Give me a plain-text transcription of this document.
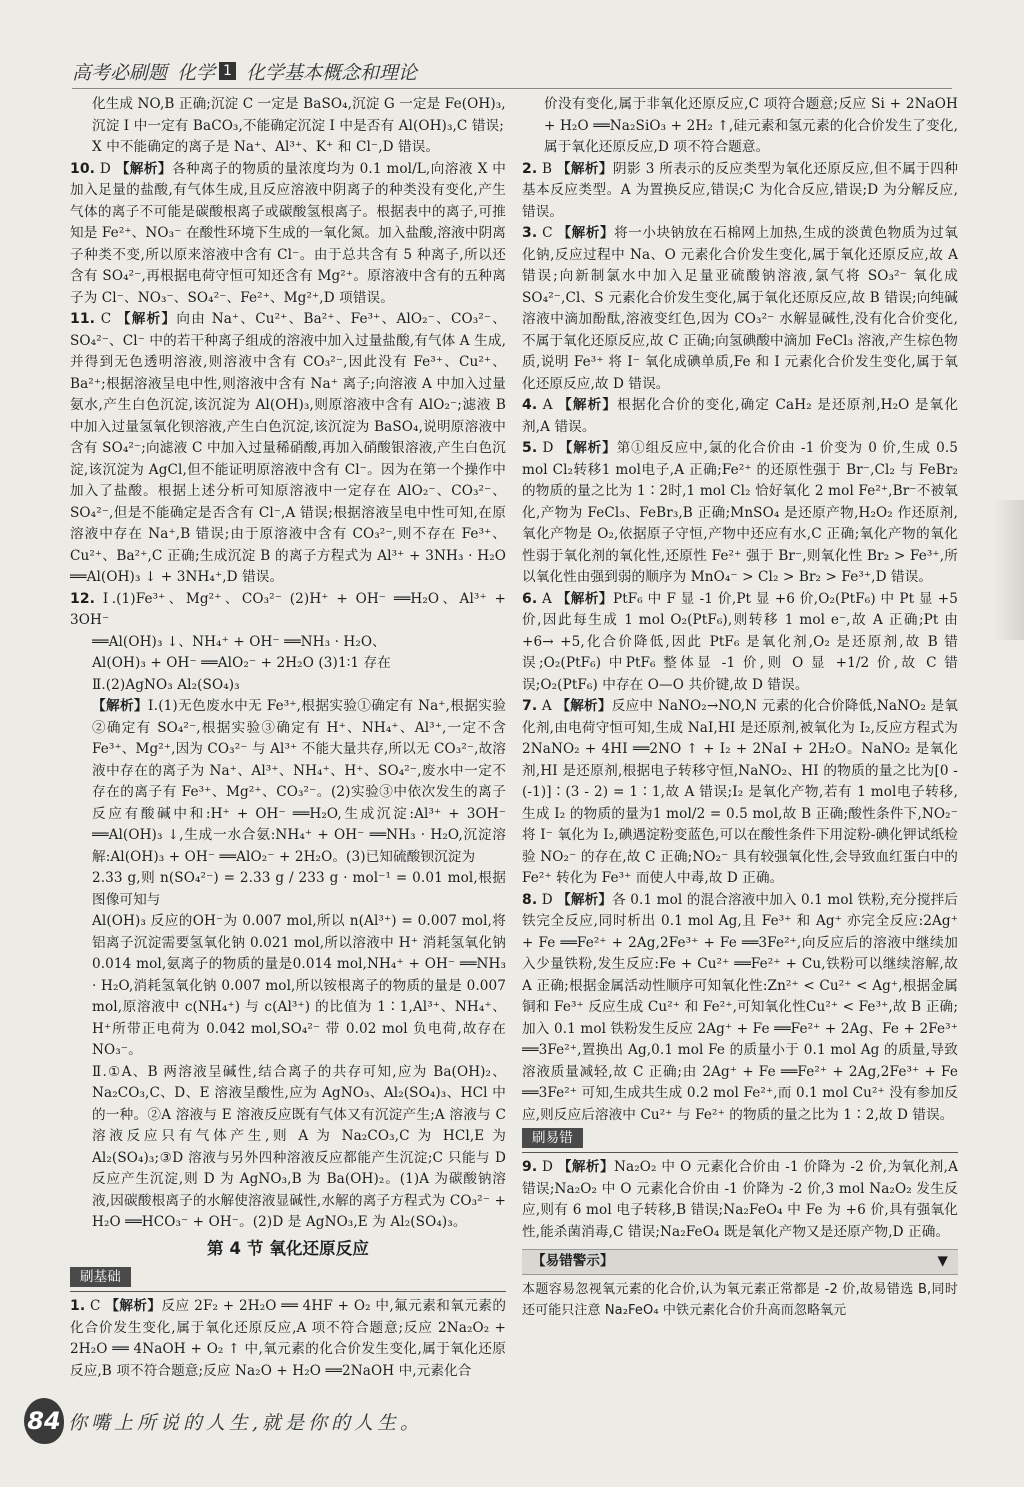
高考必刷题 化学 1 化学基本概念和理论

化生成 NO,B 正确;沉淀 C 一定是 BaSO₄,沉淀 G 一定是 Fe(OH)₃,

沉淀 I 中一定有 BaCO₃,不能确定沉淀 I 中是否有 Al(OH)₃,C 错误;

X 中不能确定的离子是 Na⁺、Al³⁺、K⁺ 和 Cl⁻,D 错误。

10. D 【解析】各种离子的物质的量浓度均为 0.1 mol/L,向溶液 X 中加入足量的盐酸,有气体生成,且反应溶液中阴离子的种类没有变化,产生气体的离子不可能是碳酸根离子或碳酸氢根离子。根据表中的离子,可推知是 Fe²⁺、NO₃⁻ 在酸性环境下生成的一氧化氮。加入盐酸,溶液中阴离子种类不变,所以原来溶液中含有 Cl⁻。由于总共含有 5 种离子,所以还含有 SO₄²⁻,再根据电荷守恒可知还含有 Mg²⁺。原溶液中含有的五种离子为 Cl⁻、NO₃⁻、SO₄²⁻、Fe²⁺、Mg²⁺,D 项错误。

11. C 【解析】向由 Na⁺、Cu²⁺、Ba²⁺、Fe³⁺、AlO₂⁻、CO₃²⁻、SO₄²⁻、Cl⁻ 中的若干种离子组成的溶液中加入过量盐酸,有气体 A 生成,并得到无色透明溶液,则溶液中含有 CO₃²⁻,因此没有 Fe³⁺、Cu²⁺、Ba²⁺;根据溶液呈电中性,则溶液中含有 Na⁺ 离子;向溶液 A 中加入过量氨水,产生白色沉淀,该沉淀为 Al(OH)₃,则原溶液中含有 AlO₂⁻;滤液 B 中加入过量氢氧化钡溶液,产生白色沉淀,该沉淀为 BaSO₄,说明原溶液中含有 SO₄²⁻;向滤液 C 中加入过量稀硝酸,再加入硝酸银溶液,产生白色沉淀,该沉淀为 AgCl,但不能证明原溶液中含有 Cl⁻。因为在第一个操作中加入了盐酸。根据上述分析可知原溶液中一定存在 AlO₂⁻、CO₃²⁻、SO₄²⁻,但是不能确定是否含有 Cl⁻,A 错误;根据溶液呈电中性可知,在原溶液中存在 Na⁺,B 错误;由于原溶液中含有 CO₃²⁻,则不存在 Fe³⁺、Cu²⁺、Ba²⁺,C 正确;生成沉淀 B 的离子方程式为 Al³⁺ + 3NH₃ · H₂O ══Al(OH)₃ ↓ + 3NH₄⁺,D 错误。

12. Ⅰ.(1)Fe³⁺、Mg²⁺、CO₃²⁻ (2)H⁺ + OH⁻ ══H₂O、Al³⁺ + 3OH⁻

══Al(OH)₃ ↓、NH₄⁺ + OH⁻ ══NH₃ · H₂O、

Al(OH)₃ + OH⁻ ══AlO₂⁻ + 2H₂O (3)1∶1 存在

Ⅱ.(2)AgNO₃ Al₂(SO₄)₃

【解析】Ⅰ.(1)无色废水中无 Fe³⁺,根据实验①确定有 Na⁺,根据实验②确定有 SO₄²⁻,根据实验③确定有 H⁺、NH₄⁺、Al³⁺,一定不含 Fe³⁺、Mg²⁺,因为 CO₃²⁻ 与 Al³⁺ 不能大量共存,所以无 CO₃²⁻,故溶液中存在的离子为 Na⁺、Al³⁺、NH₄⁺、H⁺、SO₄²⁻,废水中一定不存在的离子有 Fe³⁺、Mg²⁺、CO₃²⁻。(2)实验③中依次发生的离子反应有酸碱中和:H⁺ + OH⁻ ══H₂O,生成沉淀:Al³⁺ + 3OH⁻ ══Al(OH)₃ ↓,生成一水合氨:NH₄⁺ + OH⁻ ══NH₃ · H₂O,沉淀溶解:Al(OH)₃ + OH⁻ ══AlO₂⁻ + 2H₂O。(3)已知硫酸钡沉淀为

2.33 g,则 n(SO₄²⁻) = 2.33 g / 233 g · mol⁻¹ = 0.01 mol,根据图像可知与

Al(OH)₃ 反应的OH⁻为 0.007 mol,所以 n(Al³⁺) = 0.007 mol,将铝离子沉淀需要氢氧化钠 0.021 mol,所以溶液中 H⁺ 消耗氢氧化钠 0.014 mol,氨离子的物质的量是0.014 mol,NH₄⁺ + OH⁻ ══NH₃ · H₂O,消耗氢氧化钠 0.007 mol,所以铵根离子的物质的量是 0.007 mol,原溶液中 c(NH₄⁺) 与 c(Al³⁺) 的比值为 1∶1,Al³⁺、NH₄⁺、H⁺所带正电荷为 0.042 mol,SO₄²⁻ 带 0.02 mol 负电荷,故存在 NO₃⁻。

Ⅱ.①A、B 两溶液呈碱性,结合离子的共存可知,应为 Ba(OH)₂、Na₂CO₃,C、D、E 溶液呈酸性,应为 AgNO₃、Al₂(SO₄)₃、HCl 中的一种。②A 溶液与 E 溶液反应既有气体又有沉淀产生;A 溶液与 C 溶液反应只有气体产生,则 A 为 Na₂CO₃,C 为 HCl,E 为 Al₂(SO₄)₃;③D 溶液与另外四种溶液反应都能产生沉淀;C 只能与 D 反应产生沉淀,则 D 为 AgNO₃,B 为 Ba(OH)₂。(1)A 为碳酸钠溶液,因碳酸根离子的水解使溶液显碱性,水解的离子方程式为 CO₃²⁻ + H₂O ══HCO₃⁻ + OH⁻。(2)D 是 AgNO₃,E 为 Al₂(SO₄)₃。

第 4 节 氧化还原反应
刷基础

1. C 【解析】反应 2F₂ + 2H₂O ══ 4HF + O₂ 中,氟元素和氧元素的化合价发生变化,属于氧化还原反应,A 项不符合题意;反应 2Na₂O₂ + 2H₂O ══ 4NaOH + O₂ ↑ 中,氧元素的化合价发生变化,属于氧化还原反应,B 项不符合题意;反应 Na₂O + H₂O ══2NaOH 中,元素化合

价没有变化,属于非氧化还原反应,C 项符合题意;反应 Si + 2NaOH + H₂O ══Na₂SiO₃ + 2H₂ ↑,硅元素和氢元素的化合价发生了变化,属于氧化还原反应,D 项不符合题意。

2. B 【解析】阴影 3 所表示的反应类型为氧化还原反应,但不属于四种基本反应类型。A 为置换反应,错误;C 为化合反应,错误;D 为分解反应,错误。

3. C 【解析】将一小块钠放在石棉网上加热,生成的淡黄色物质为过氧化钠,反应过程中 Na、O 元素化合价发生变化,属于氧化还原反应,故 A 错误;向新制氯水中加入足量亚硫酸钠溶液,氯气将 SO₃²⁻ 氧化成 SO₄²⁻,Cl、S 元素化合价发生变化,属于氧化还原反应,故 B 错误;向纯碱溶液中滴加酚酞,溶液变红色,因为 CO₃²⁻ 水解显碱性,没有化合价变化,不属于氧化还原反应,故 C 正确;向氢碘酸中滴加 FeCl₃ 溶液,产生棕色物质,说明 Fe³⁺ 将 I⁻ 氧化成碘单质,Fe 和 I 元素化合价发生变化,属于氧化还原反应,故 D 错误。

4. A 【解析】根据化合价的变化,确定 CaH₂ 是还原剂,H₂O 是氧化剂,A 错误。

5. D 【解析】第①组反应中,氯的化合价由 -1 价变为 0 价,生成 0.5 mol Cl₂转移1 mol电子,A 正确;Fe²⁺ 的还原性强于 Br⁻,Cl₂ 与 FeBr₂ 的物质的量之比为 1∶2时,1 mol Cl₂ 恰好氧化 2 mol Fe²⁺,Br⁻不被氧化,产物为 FeCl₃、FeBr₃,B 正确;MnSO₄ 是还原产物,H₂O₂ 作还原剂,氧化产物是 O₂,依据原子守恒,产物中还应有水,C 正确;氧化产物的氧化性弱于氧化剂的氧化性,还原性 Fe²⁺ 强于 Br⁻,则氧化性 Br₂ > Fe³⁺,所以氧化性由强到弱的顺序为 MnO₄⁻ > Cl₂ > Br₂ > Fe³⁺,D 错误。

6. A 【解析】PtF₆ 中 F 显 -1 价,Pt 显 +6 价,O₂(PtF₆) 中 Pt 显 +5 价,因此每生成 1 mol O₂(PtF₆),则转移 1 mol e⁻,故 A 正确;Pt 由 +6→ +5,化合价降低,因此 PtF₆ 是氧化剂,O₂ 是还原剂,故 B 错误;O₂(PtF₆) 中PtF₆ 整体显 -1 价,则 O 显 +1/2 价,故 C 错误;O₂(PtF₆) 中存在 O—O 共价键,故 D 错误。

7. A 【解析】反应中 NaNO₂→NO,N 元素的化合价降低,NaNO₂ 是氧化剂,由电荷守恒可知,生成 NaI,HI 是还原剂,被氧化为 I₂,反应方程式为 2NaNO₂ + 4HI ══2NO ↑ + I₂ + 2NaI + 2H₂O。NaNO₂ 是氧化剂,HI 是还原剂,根据电子转移守恒,NaNO₂、HI 的物质的量之比为[0 - (-1)]∶(3 - 2) = 1∶1,故 A 错误;I₂ 是氧化产物,若有 1 mol电子转移,生成 I₂ 的物质的量为1 mol/2 = 0.5 mol,故 B 正确;酸性条件下,NO₂⁻ 将 I⁻ 氧化为 I₂,碘遇淀粉变蓝色,可以在酸性条件下用淀粉-碘化钾试纸检验 NO₂⁻ 的存在,故 C 正确;NO₂⁻ 具有较强氧化性,会导致血红蛋白中的 Fe²⁺ 转化为 Fe³⁺ 而使人中毒,故 D 正确。

8. D 【解析】各 0.1 mol 的混合溶液中加入 0.1 mol 铁粉,充分搅拌后铁完全反应,同时析出 0.1 mol Ag,且 Fe³⁺ 和 Ag⁺ 亦完全反应:2Ag⁺ + Fe ══Fe²⁺ + 2Ag,2Fe³⁺ + Fe ══3Fe²⁺,向反应后的溶液中继续加入少量铁粉,发生反应:Fe + Cu²⁺ ══Fe²⁺ + Cu,铁粉可以继续溶解,故 A 正确;根据金属活动性顺序可知氧化性:Zn²⁺ < Cu²⁺ < Ag⁺,根据金属铜和 Fe³⁺ 反应生成 Cu²⁺ 和 Fe²⁺,可知氧化性Cu²⁺ < Fe³⁺,故 B 正确;加入 0.1 mol 铁粉发生反应 2Ag⁺ + Fe ══Fe²⁺ + 2Ag、Fe + 2Fe³⁺ ══3Fe²⁺,置换出 Ag,0.1 mol Fe 的质量小于 0.1 mol Ag 的质量,导致溶液质量减轻,故 C 正确;由 2Ag⁺ + Fe ══Fe²⁺ + 2Ag,2Fe³⁺ + Fe ══3Fe²⁺ 可知,生成共生成 0.2 mol Fe²⁺,而 0.1 mol Cu²⁺ 没有参加反应,则反应后溶液中 Cu²⁺ 与 Fe²⁺ 的物质的量之比为 1∶2,故 D 错误。

刷易错

9. D 【解析】Na₂O₂ 中 O 元素化合价由 -1 价降为 -2 价,为氧化剂,A 错误;Na₂O₂ 中 O 元素化合价由 -1 价降为 -2 价,3 mol Na₂O₂ 发生反应,则有 6 mol 电子转移,B 错误;Na₂FeO₄ 中 Fe 为 +6 价,具有强氧化性,能杀菌消毒,C 错误;Na₂FeO₄ 既是氧化产物又是还原产物,D 正确。

【易错警示】	▼

本题容易忽视氧元素的化合价,认为氧元素正常都是 -2 价,故易错选 B,同时还可能只注意 Na₂FeO₄ 中铁元素化合价升高而忽略氧元

84 你嘴上所说的人生,就是你的人生。
